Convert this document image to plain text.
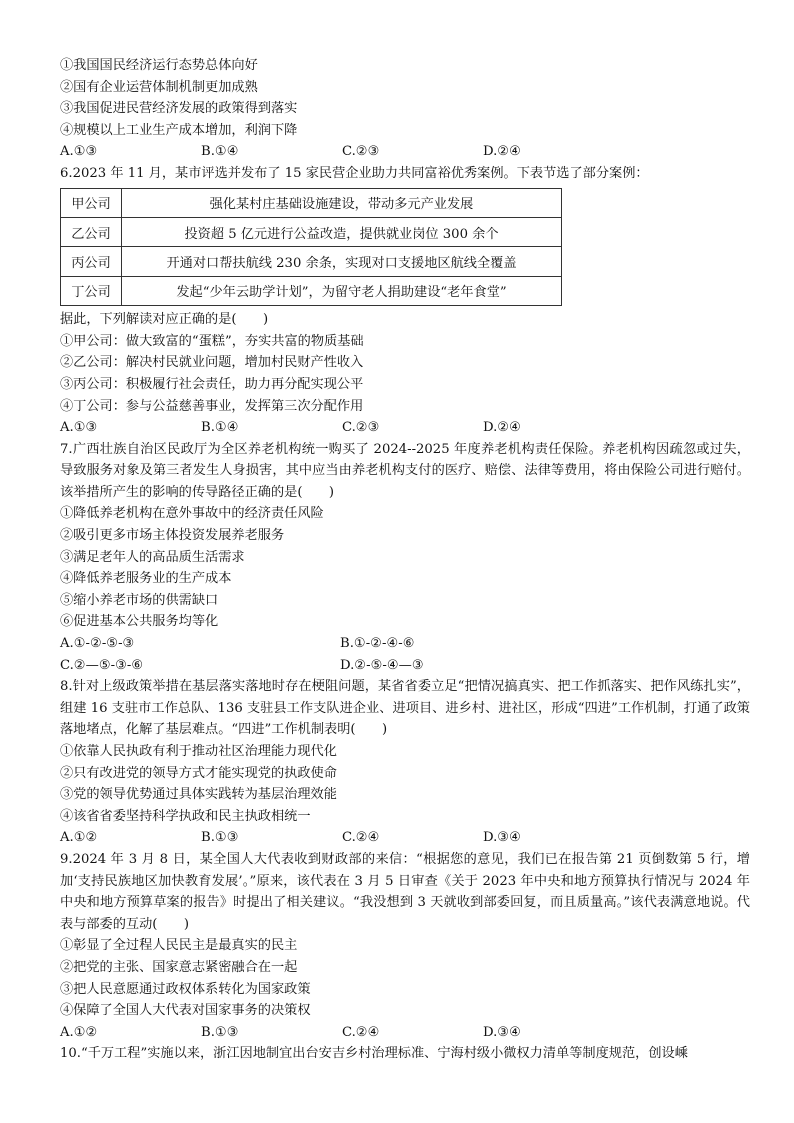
①我国国民经济运行态势总体向好
②国有企业运营体制机制更加成熟
③我国促进民营经济发展的政策得到落实
④规模以上工业生产成本增加，利润下降
A.①③	B.①④	C.②③	D.②④
6.2023 年 11 月，某市评选并发布了 15 家民营企业助力共同富裕优秀案例。下表节选了部分案例：
甲公司	强化某村庄基础设施建设，带动多元产业发展
乙公司	投资超 5 亿元进行公益改造，提供就业岗位 300 余个
丙公司	开通对口帮扶航线 230 余条，实现对口支援地区航线全覆盖
丁公司	发起“少年云助学计划”，为留守老人捐助建设“老年食堂”
据此，下列解读对应正确的是(　　)
①甲公司：做大致富的“蛋糕”，夯实共富的物质基础
②乙公司：解决村民就业问题，增加村民财产性收入
③丙公司：积极履行社会责任，助力再分配实现公平
④丁公司：参与公益慈善事业，发挥第三次分配作用
A.①③	B.①④	C.②③	D.②④
7.广西壮族自治区民政厅为全区养老机构统一购买了 2024--2025 年度养老机构责任保险。养老机构因疏忽或过失，导致服务对象及第三者发生人身损害，其中应当由养老机构支付的医疗、赔偿、法律等费用，将由保险公司进行赔付。该举措所产生的影响的传导路径正确的是(　　)
①降低养老机构在意外事故中的经济责任风险
②吸引更多市场主体投资发展养老服务
③满足老年人的高品质生活需求
④降低养老服务业的生产成本
⑤缩小养老市场的供需缺口
⑥促进基本公共服务均等化
A.①-②-⑤-③	B.①-②-④-⑥
C.②—⑤-③-⑥	D.②-⑤-④—③
8.针对上级政策举措在基层落实落地时存在梗阻问题，某省省委立足“把情况搞真实、把工作抓落实、把作风练扎实”，组建 16 支驻市工作总队、136 支驻县工作支队进企业、进项目、进乡村、进社区，形成“四进”工作机制，打通了政策落地堵点，化解了基层难点。“四进”工作机制表明(　　)
①依靠人民执政有利于推动社区治理能力现代化
②只有改进党的领导方式才能实现党的执政使命
③党的领导优势通过具体实践转为基层治理效能
④该省省委坚持科学执政和民主执政相统一
A.①②	B.①③	C.②④	D.③④
9.2024 年 3 月 8 日，某全国人大代表收到财政部的来信：“根据您的意见，我们已在报告第 21 页倒数第 5 行，增加‘支持民族地区加快教育发展’。”原来，该代表在 3 月 5 日审查《关于 2023 年中央和地方预算执行情况与 2024 年中央和地方预算草案的报告》时提出了相关建议。“我没想到 3 天就收到部委回复，而且质量高。”该代表满意地说。代表与部委的互动(　　)
①彰显了全过程人民民主是最真实的民主
②把党的主张、国家意志紧密融合在一起
③把人民意愿通过政权体系转化为国家政策
④保障了全国人大代表对国家事务的决策权
A.①②	B.①③	C.②④	D.③④
10.“千万工程”实施以来，浙江因地制宜出台安吉乡村治理标准、宁海村级小微权力清单等制度规范，创设嵊
